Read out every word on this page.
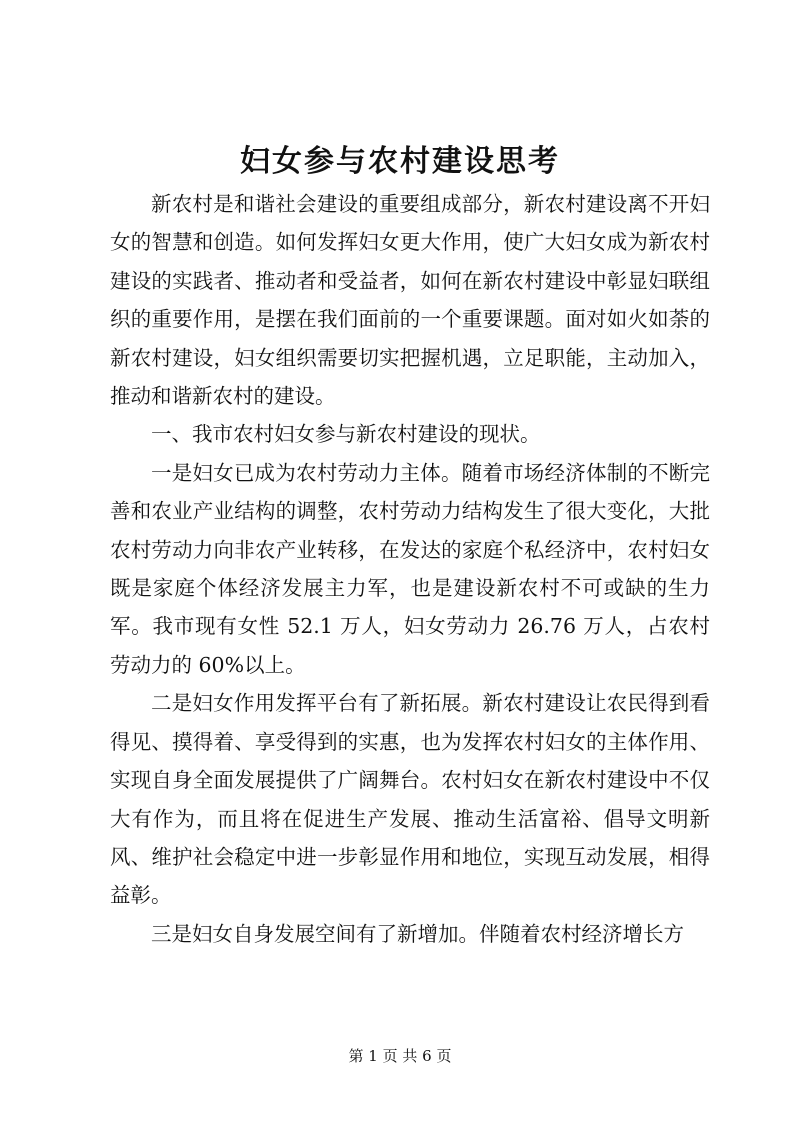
妇女参与农村建设思考

新农村是和谐社会建设的重要组成部分，新农村建设离不开妇女的智慧和创造。如何发挥妇女更大作用，使广大妇女成为新农村建设的实践者、推动者和受益者，如何在新农村建设中彰显妇联组织的重要作用，是摆在我们面前的一个重要课题。面对如火如荼的新农村建设，妇女组织需要切实把握机遇，立足职能，主动加入，推动和谐新农村的建设。

一、我市农村妇女参与新农村建设的现状。

一是妇女已成为农村劳动力主体。随着市场经济体制的不断完善和农业产业结构的调整，农村劳动力结构发生了很大变化，大批农村劳动力向非农产业转移，在发达的家庭个私经济中，农村妇女既是家庭个体经济发展主力军，也是建设新农村不可或缺的生力军。我市现有女性 52.1 万人，妇女劳动力 26.76 万人，占农村劳动力的 60%以上。

二是妇女作用发挥平台有了新拓展。新农村建设让农民得到看得见、摸得着、享受得到的实惠，也为发挥农村妇女的主体作用、实现自身全面发展提供了广阔舞台。农村妇女在新农村建设中不仅大有作为，而且将在促进生产发展、推动生活富裕、倡导文明新风、维护社会稳定中进一步彰显作用和地位，实现互动发展，相得益彰。

三是妇女自身发展空间有了新增加。伴随着农村经济增长方

第 1 页 共 6 页
